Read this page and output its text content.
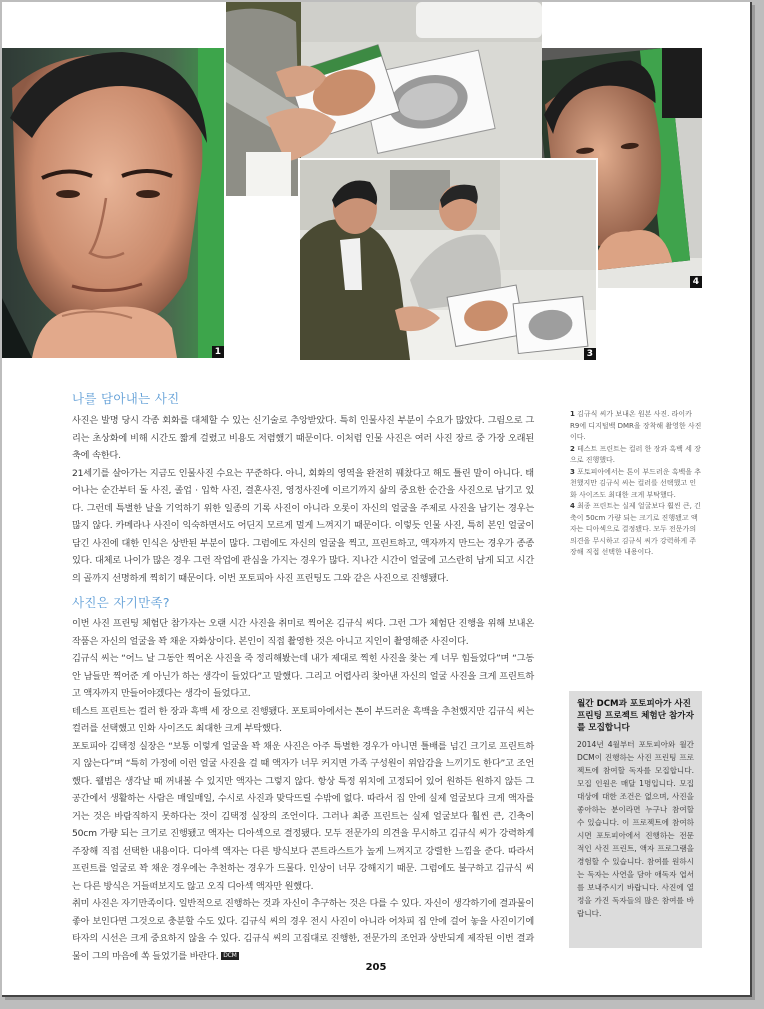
1
4
3
나를 담아내는 사진

사진은 발명 당시 각종 회화를 대체할 수 있는 신기술로 추앙받았다. 특히 인물사진 부분이 수요가 많았다. 그림으로 그리는 초상화에 비해 시간도 짧게 걸렸고 비용도 저렴했기 때문이다. 이처럼 인물 사진은 여러 사진 장르 중 가장 오래된 축에 속한다.

21세기를 살아가는 지금도 인물사진 수요는 꾸준하다. 아니, 회화의 영역을 완전히 꿰찼다고 해도 틀린 말이 아니다. 태어나는 순간부터 돌 사진, 졸업 · 입학 사진, 결혼사진, 영정사진에 이르기까지 삶의 중요한 순간을 사진으로 남기고 있다. 그런데 특별한 날을 기억하기 위한 일종의 기록 사진이 아니라 오롯이 자신의 얼굴을 주제로 사진을 남기는 경우는 많지 않다. 카메라나 사진이 익숙하면서도 어딘지 모르게 멀게 느껴지기 때문이다. 이렇듯 인물 사진, 특히 본인 얼굴이 담긴 사진에 대한 인식은 상반된 부분이 많다. 그럼에도 자신의 얼굴을 찍고, 프린트하고, 액자까지 만드는 경우가 종종 있다. 대체로 나이가 많은 경우 그런 작업에 관심을 가지는 경우가 많다. 지나간 시간이 얼굴에 고스란히 남게 되고 시간의 골까지 선명하게 찍히기 때문이다. 이번 포토피아 사진 프린팅도 그와 같은 사진으로 진행됐다.

사진은 자기만족?

이번 사진 프린팅 체험단 참가자는 오랜 시간 사진을 취미로 찍어온 김규식 씨다. 그런 그가 체험단 진행을 위해 보내온 작품은 자신의 얼굴을 꽉 채운 자화상이다. 본인이 직접 촬영한 것은 아니고 지인이 촬영해준 사진이다.

김규식 씨는 “어느 날 그동안 찍어온 사진을 죽 정리해봤는데 내가 제대로 찍힌 사진을 찾는 게 너무 힘들었다”며 “그동안 남들만 찍어준 게 아닌가 하는 생각이 들었다”고 말했다. 그리고 어렵사리 찾아낸 자신의 얼굴 사진을 크게 프린트하고 액자까지 만들어야겠다는 생각이 들었다고.

테스트 프린트는 컬러 한 장과 흑백 세 장으로 진행됐다. 포토피아에서는 톤이 부드러운 흑백을 추천했지만 김규식 씨는 컬러를 선택했고 인화 사이즈도 최대한 크게 부탁했다.

포토피아 김택정 실장은 “보통 이렇게 얼굴을 꽉 채운 사진은 아주 특별한 경우가 아니면 틀배를 넘긴 크기로 프린트하지 않는다”며 “특히 가정에 이런 얼굴 사진을 걸 때 액자가 너무 커지면 가족 구성원이 위압감을 느끼기도 한다”고 조언했다. 웰범은 생각날 때 꺼내볼 수 있지만 액자는 그렇지 않다. 항상 특정 위치에 고정되어 있어 원하든 원하지 않든 그 공간에서 생활하는 사람은 매일매일, 수시로 사진과 맞닥뜨릴 수밖에 없다. 따라서 집 안에 실제 얼굴보다 크게 액자를 거는 것은 바람직하지 못하다는 것이 김택정 실장의 조언이다. 그러나 최종 프린트는 실제 얼굴보다 훨씬 큰, 긴축이 50cm 가량 되는 크기로 진행됐고 액자는 디아섹으로 결정됐다. 모두 전문가의 의견을 무시하고 김규식 씨가 강력하게 주장해 직접 선택한 내용이다. 디아섹 액자는 다른 방식보다 콘트라스트가 높게 느껴지고 강렬한 느낌을 준다. 따라서 프린트를 얼굴로 꽉 채운 경우에는 추천하는 경우가 드물다. 인상이 너무 강해지기 때문. 그럼에도 불구하고 김규식 씨는 다른 방식은 거들떠보지도 않고 오직 디아섹 액자만 원했다.

취미 사진은 자기만족이다. 일반적으로 진행하는 것과 자신이 추구하는 것은 다를 수 있다. 자신이 생각하기에 결과물이 좋아 보인다면 그것으로 충분할 수도 있다. 김규식 씨의 경우 전시 사진이 아니라 어차피 집 안에 걸어 놓을 사진이기에 타자의 시선은 크게 중요하지 않을 수 있다. 김규식 씨의 고집대로 진행한, 전문가의 조언과 상반되게 제작된 이번 결과물이 그의 마음에 쏙 들었기를 바란다. DCM

1 김규식 씨가 보내온 원본 사진. 라이카 R9에 디지털백 DMR을 장착해 촬영한 사진이다.

2 테스트 프린트는 컬러 한 장과 흑백 세 장으로 진행했다.

3 포토피아에서는 톤이 부드러운 흑백을 추천했지만 김규식 씨는 컬러를 선택했고 인화 사이즈도 최대한 크게 부탁했다.

4 최종 프린트는 실제 얼굴보다 훨씬 큰, 긴축이 50cm 가량 되는 크기로 진행됐고 액자는 디아섹으로 결정됐다. 모두 전문가의 의견을 무시하고 김규식 씨가 강력하게 주장해 직접 선택한 내용이다.

월간 DCM과 포토피아가 사진 프린팅 프로젝트 체험단 참가자를 모집합니다

2014년 4월부터 포토피아와 월간 DCM이 진행하는 사진 프린팅 프로젝트에 참여할 독자를 모집합니다. 모집 인원은 매달 1명입니다. 모집 대상에 대한 조건은 없으며, 사진을 좋아하는 분이라면 누구나 참여할 수 있습니다. 이 프로젝트에 참여하시면 포토피아에서 진행하는 전문적인 사진 프린트, 액자 프로그램을 경험할 수 있습니다. 참여를 원하시는 독자는 사연을 담아 애독자 엽서를 보내주시기 바랍니다. 사진에 열정을 가진 독자들의 많은 참여를 바랍니다.

205
